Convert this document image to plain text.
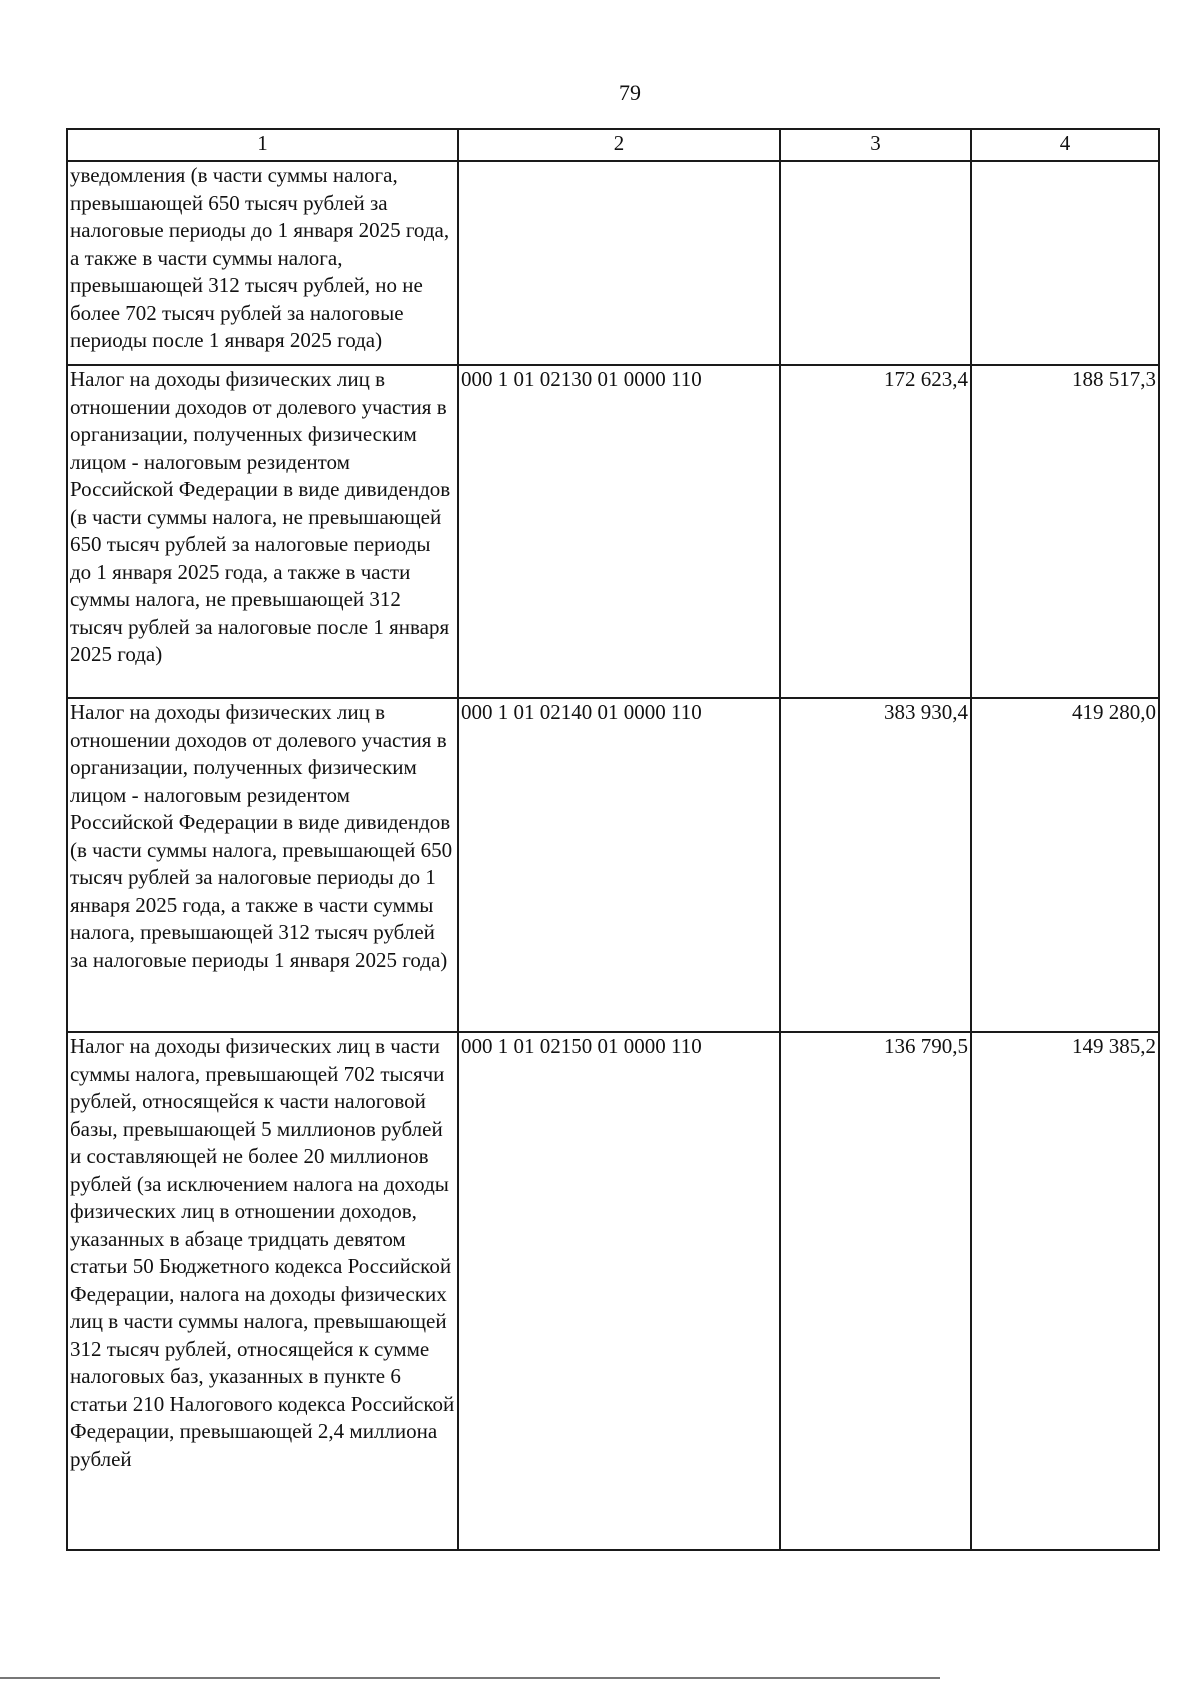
79
1	2	3	4
уведомления (в части суммы налога, превышающей 650 тысяч рублей за налоговые периоды до 1 января 2025 года, а также в части суммы налога, превышающей 312 тысяч рублей, но не более 702 тысяч рублей за налоговые периоды после 1 января 2025 года)			
Налог на доходы физических лиц в отношении доходов от долевого участия в организации, полученных физическим лицом - налоговым резидентом Российской Федерации в виде дивидендов (в части суммы налога, не превышающей 650 тысяч рублей за налоговые периоды до 1 января 2025 года, а также в части суммы налога, не превышающей 312 тысяч рублей за налоговые после 1 января 2025 года)	000 1 01 02130 01 0000 110	172 623,4	188 517,3
Налог на доходы физических лиц в отношении доходов от долевого участия в организации, полученных физическим лицом - налоговым резидентом Российской Федерации в виде дивидендов (в части суммы налога, превышающей 650 тысяч рублей за налоговые периоды до 1 января 2025 года, а также в части суммы налога, превышающей 312 тысяч рублей за налоговые периоды 1 января 2025 года)	000 1 01 02140 01 0000 110	383 930,4	419 280,0
Налог на доходы физических лиц в части суммы налога, превышающей 702 тысячи рублей, относящейся к части налоговой базы, превышающей 5 миллионов рублей и составляющей не более 20 миллионов рублей (за исключением налога на доходы физических лиц в отношении доходов, указанных в абзаце тридцать девятом статьи 50 Бюджетного кодекса Российской Федерации, налога на доходы физических лиц в части суммы налога, превышающей 312 тысяч рублей, относящейся к сумме налоговых баз, указанных в пункте 6 статьи 210 Налогового кодекса Российской Федерации, превышающей 2,4 миллиона рублей	000 1 01 02150 01 0000 110	136 790,5	149 385,2
